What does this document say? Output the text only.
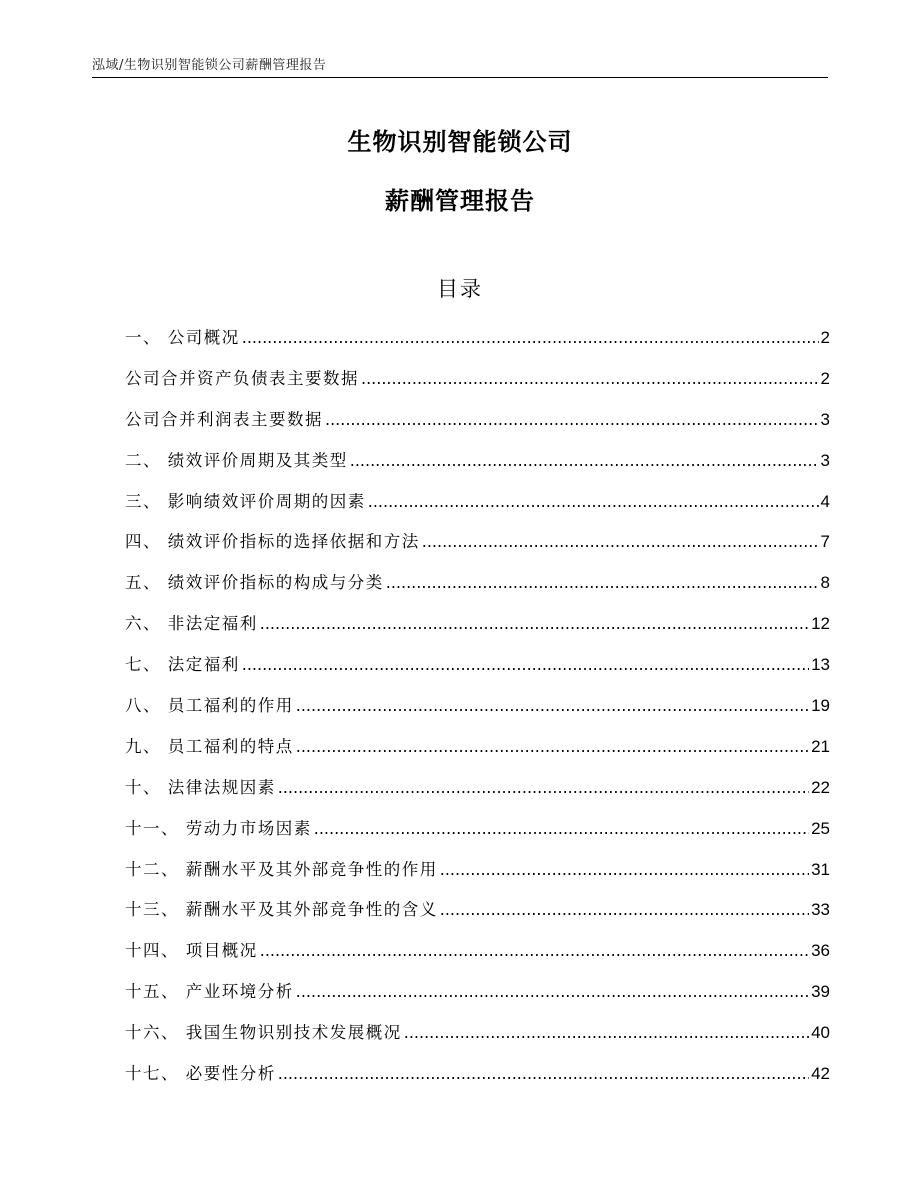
泓域/生物识别智能锁公司薪酬管理报告
生物识别智能锁公司
薪酬管理报告
目录
一、 公司概况 .....	2
公司合并资产负债表主要数据 .....	2
公司合并利润表主要数据 .....	3
二、 绩效评价周期及其类型 .....	3
三、 影响绩效评价周期的因素 .....	4
四、 绩效评价指标的选择依据和方法 .....	7
五、 绩效评价指标的构成与分类 .....	8
六、 非法定福利 .....	12
七、 法定福利 .....	13
八、 员工福利的作用 .....	19
九、 员工福利的特点 .....	21
十、 法律法规因素 .....	22
十一、 劳动力市场因素 .....	25
十二、 薪酬水平及其外部竞争性的作用 .....	31
十三、 薪酬水平及其外部竞争性的含义 .....	33
十四、 项目概况 .....	36
十五、 产业环境分析 .....	39
十六、 我国生物识别技术发展概况 .....	40
十七、 必要性分析 .....	42
